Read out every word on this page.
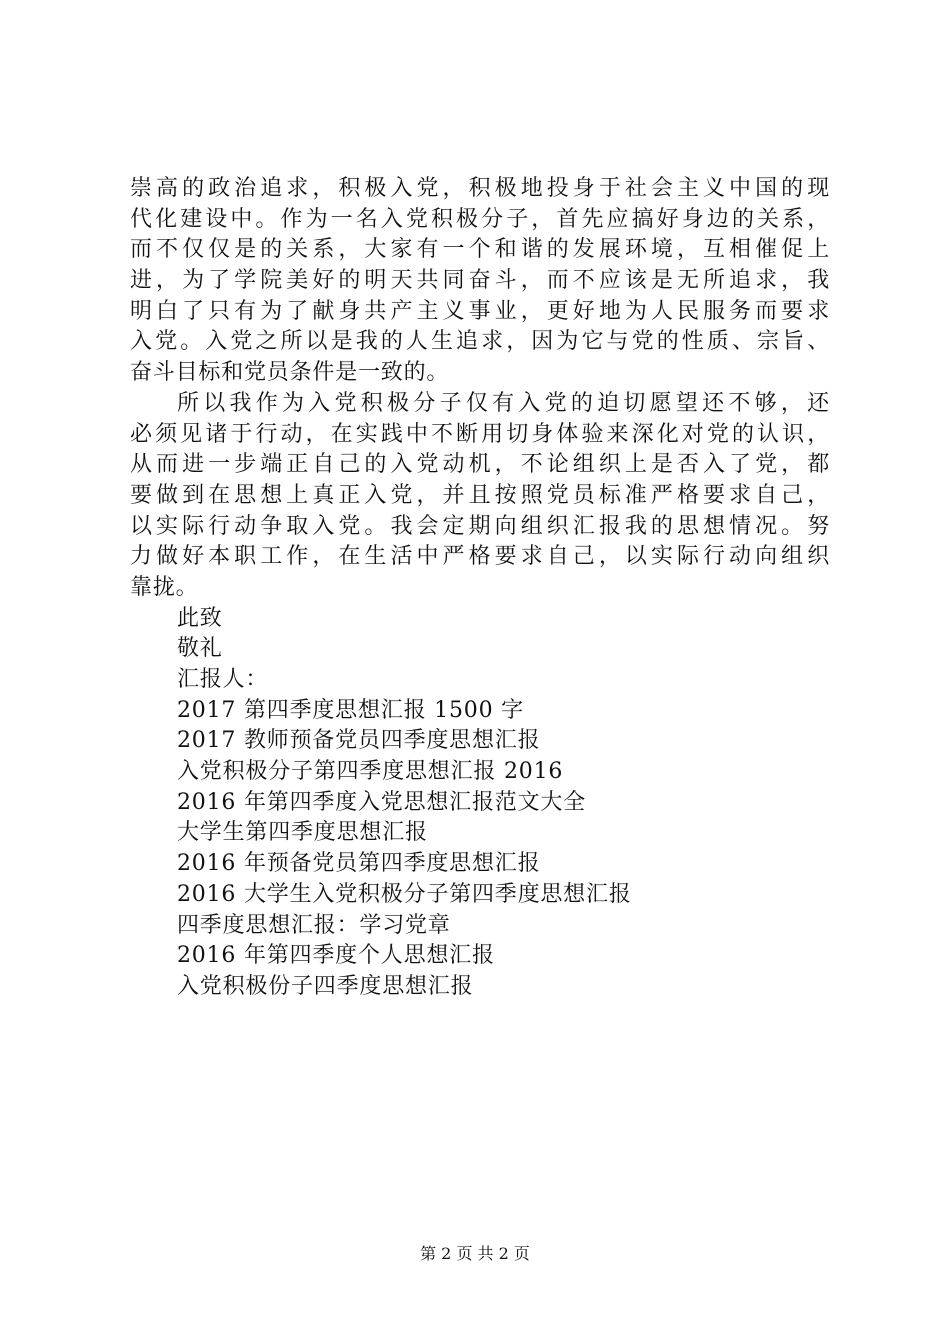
崇高的政治追求，积极入党，积极地投身于社会主义中国的现
代化建设中。作为一名入党积极分子，首先应搞好身边的关系，
而不仅仅是的关系，大家有一个和谐的发展环境，互相催促上
进，为了学院美好的明天共同奋斗，而不应该是无所追求，我
明白了只有为了献身共产主义事业，更好地为人民服务而要求
入党。入党之所以是我的人生追求，因为它与党的性质、宗旨、
奋斗目标和党员条件是一致的。
所以我作为入党积极分子仅有入党的迫切愿望还不够，还
必须见诸于行动，在实践中不断用切身体验来深化对党的认识，
从而进一步端正自己的入党动机，不论组织上是否入了党，都
要做到在思想上真正入党，并且按照党员标准严格要求自己，
以实际行动争取入党。我会定期向组织汇报我的思想情况。努
力做好本职工作，在生活中严格要求自己，以实际行动向组织
靠拢。
此致
敬礼
汇报人：
2017 第四季度思想汇报 1500 字
2017 教师预备党员四季度思想汇报
入党积极分子第四季度思想汇报 2016
2016 年第四季度入党思想汇报范文大全
大学生第四季度思想汇报
2016 年预备党员第四季度思想汇报
2016 大学生入党积极分子第四季度思想汇报
四季度思想汇报：学习党章
2016 年第四季度个人思想汇报
入党积极份子四季度思想汇报
第 2 页 共 2 页
